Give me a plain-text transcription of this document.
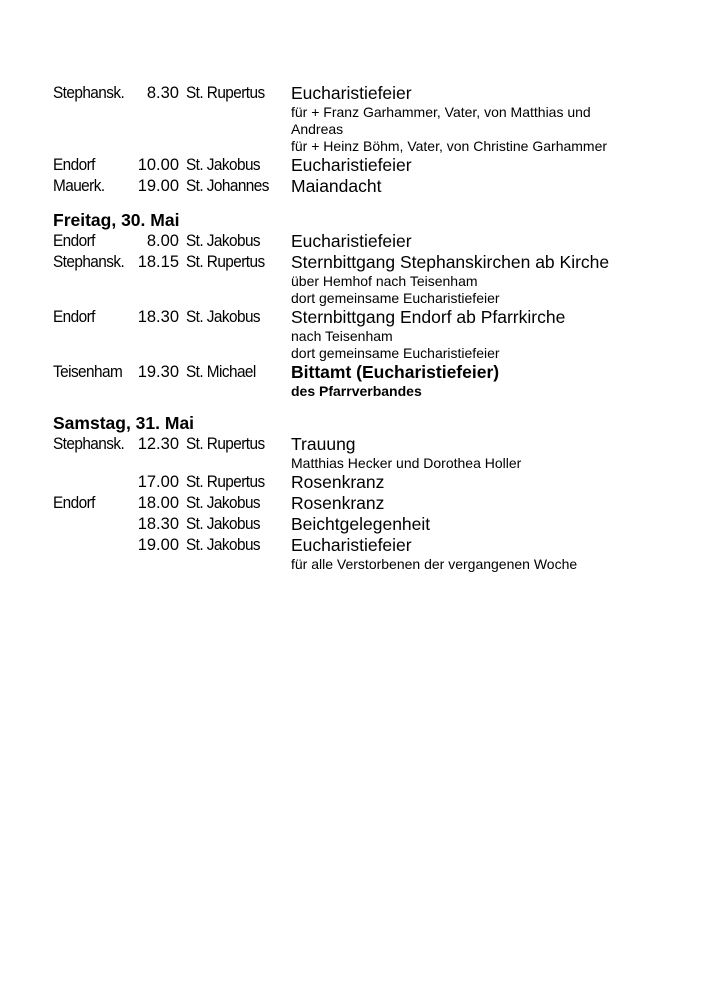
Stephansk.	8.30 St. Rupertus	Eucharistiefeier
für + Franz Garhammer, Vater, von Matthias und
Andreas
für + Heinz Böhm, Vater, von Christine Garhammer
Endorf	10.00 St. Jakobus	Eucharistiefeier
Mauerk.	19.00 St. Johannes	Maiandacht
Freitag, 30. Mai
Endorf	8.00 St. Jakobus	Eucharistiefeier
Stephansk. 18.15 St. Rupertus	Sternbittgang Stephanskirchen ab Kirche
über Hemhof nach Teisenham
dort gemeinsame Eucharistiefeier
Endorf	18.30 St. Jakobus	Sternbittgang Endorf ab Pfarrkirche
nach Teisenham
dort gemeinsame Eucharistiefeier
Teisenham 19.30 St. Michael	Bittamt (Eucharistiefeier)
des Pfarrverbandes
Samstag, 31. Mai
Stephansk. 12.30 St. Rupertus	Trauung
Matthias Hecker und Dorothea Holler
17.00 St. Rupertus	Rosenkranz
Endorf	18.00 St. Jakobus	Rosenkranz
18.30 St. Jakobus	Beichtgelegenheit
19.00 St. Jakobus	Eucharistiefeier
für alle Verstorbenen der vergangenen Woche
